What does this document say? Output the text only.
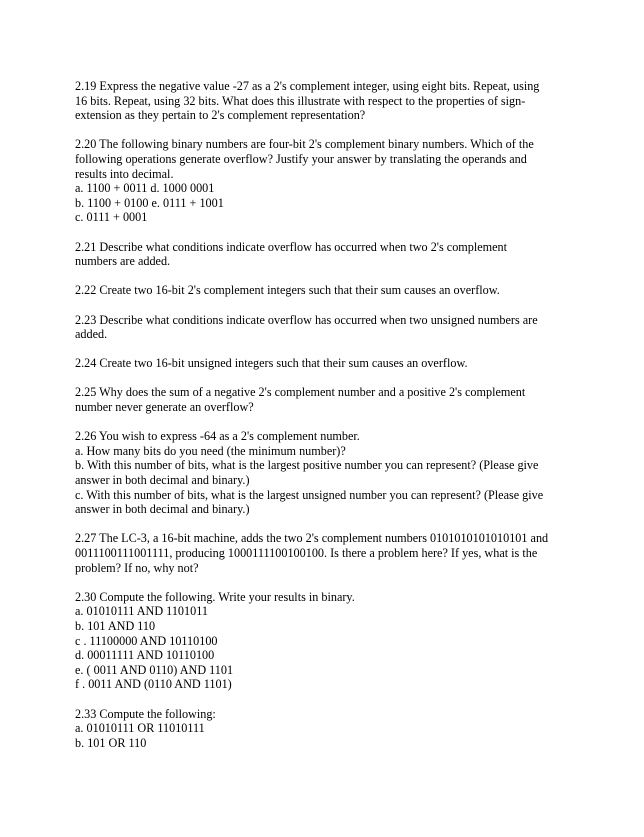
2.19 Express the negative value -27 as a 2's complement integer, using eight bits. Repeat, using
16 bits. Repeat, using 32 bits. What does this illustrate with respect to the properties of sign-
extension as they pertain to 2's complement representation?
2.20 The following binary numbers are four-bit 2's complement binary numbers. Which of the
following operations generate overflow? Justify your answer by translating the operands and
results into decimal.
a. 1100 + 0011 d. 1000 0001
b. 1100 + 0100 e. 0111 + 1001
c. 0111 + 0001
2.21 Describe what conditions indicate overflow has occurred when two 2's complement
numbers are added.
2.22 Create two 16-bit 2's complement integers such that their sum causes an overflow.
2.23 Describe what conditions indicate overflow has occurred when two unsigned numbers are
added.
2.24 Create two 16-bit unsigned integers such that their sum causes an overflow.
2.25 Why does the sum of a negative 2's complement number and a positive 2's complement
number never generate an overflow?
2.26 You wish to express -64 as a 2's complement number.
a. How many bits do you need (the minimum number)?
b. With this number of bits, what is the largest positive number you can represent? (Please give
answer in both decimal and binary.)
c. With this number of bits, what is the largest unsigned number you can represent? (Please give
answer in both decimal and binary.)
2.27 The LC-3, a 16-bit machine, adds the two 2's complement numbers 0101010101010101 and
0011100111001111, producing 1000111100100100. Is there a problem here? If yes, what is the
problem? If no, why not?
2.30 Compute the following. Write your results in binary.
a. 01010111 AND 1101011
b. 101 AND 110
c . 11100000 AND 10110100
d. 00011111 AND 10110100
e. ( 0011 AND 0110) AND 1101
f . 0011 AND (0110 AND 1101)
2.33 Compute the following:
a. 01010111 OR 11010111
b. 101 OR 110
